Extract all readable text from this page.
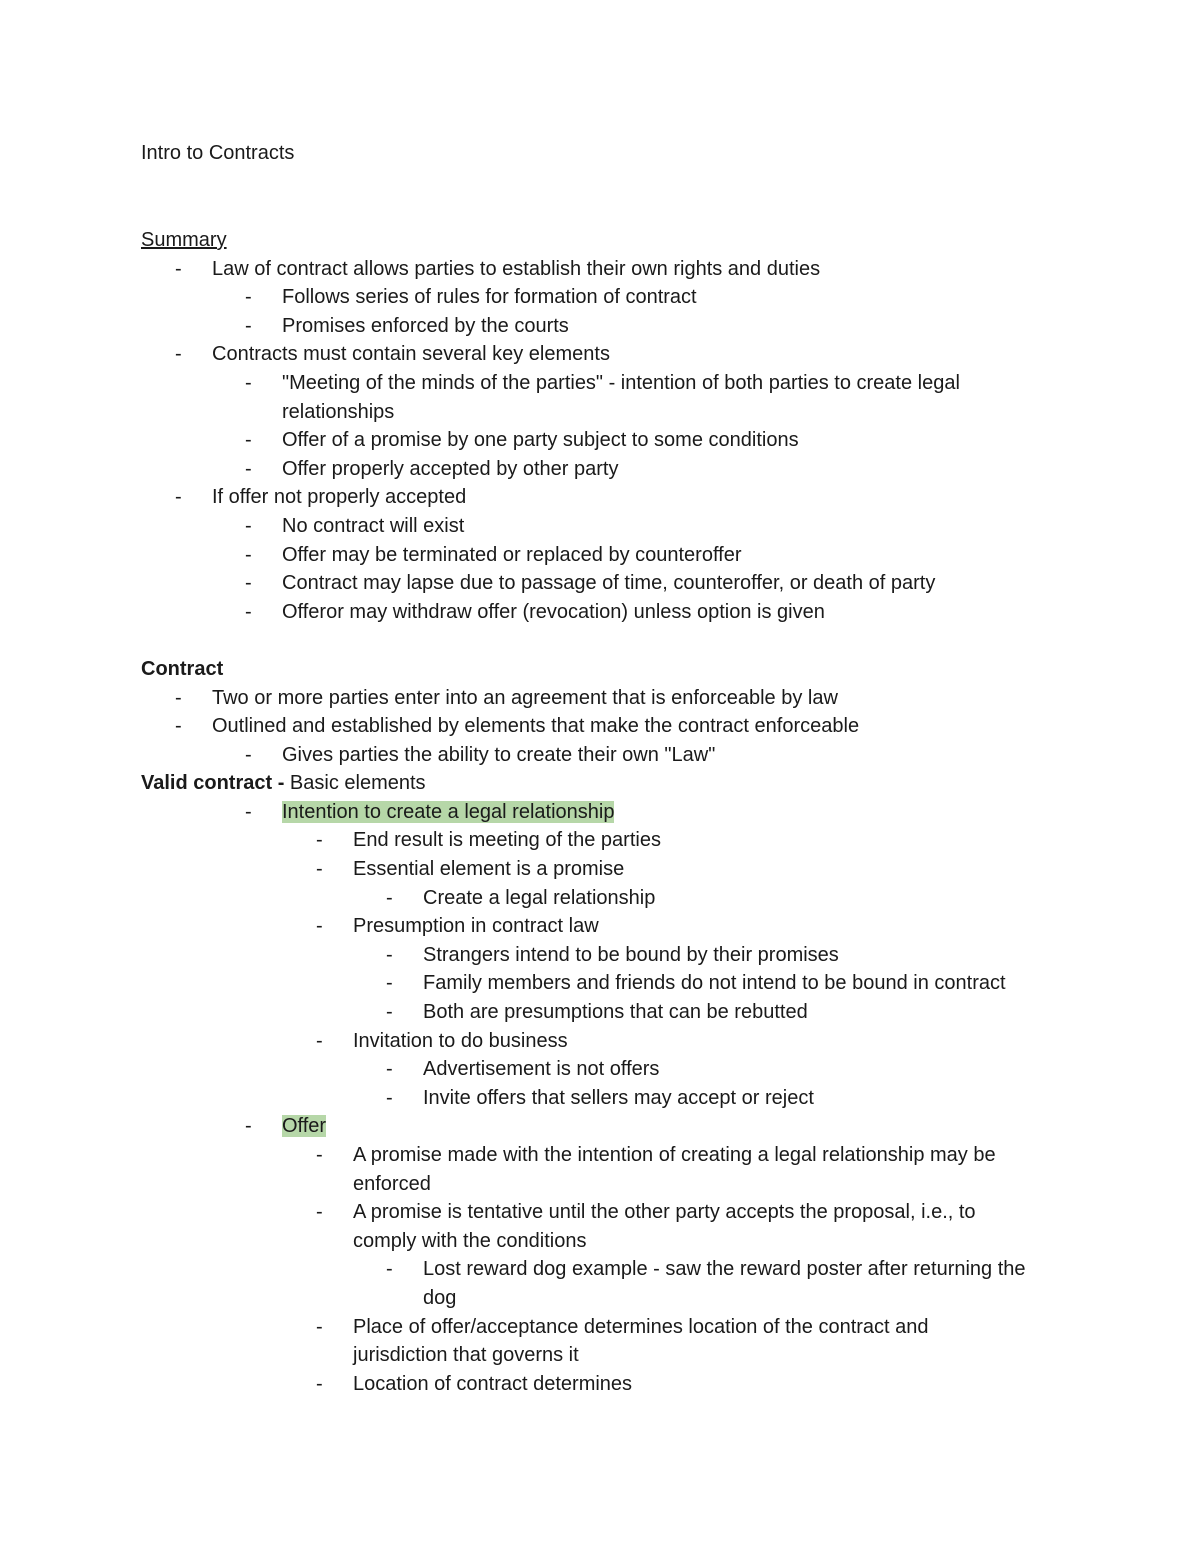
Intro to Contracts
Summary
-	Law of contract allows parties to establish their own rights and duties
-	Follows series of rules for formation of contract
-	Promises enforced by the courts
-	Contracts must contain several key elements
-	"Meeting of the minds of the parties" - intention of both parties to create legal relationships
-	Offer of a promise by one party subject to some conditions
-	Offer properly accepted by other party
-	If offer not properly accepted
-	No contract will exist
-	Offer may be terminated or replaced by counteroffer
-	Contract may lapse due to passage of time, counteroffer, or death of party
-	Offeror may withdraw offer (revocation) unless option is given
Contract
-	Two or more parties enter into an agreement that is enforceable by law
-	Outlined and established by elements that make the contract enforceable
-	Gives parties the ability to create their own "Law"
Valid contract - Basic elements
-	Intention to create a legal relationship
-	End result is meeting of the parties
-	Essential element is a promise
-	Create a legal relationship
-	Presumption in contract law
-	Strangers intend to be bound by their promises
-	Family members and friends do not intend to be bound in contract
-	Both are presumptions that can be rebutted
-	Invitation to do business
-	Advertisement is not offers
-	Invite offers that sellers may accept or reject
-	Offer
-	A promise made with the intention of creating a legal relationship may be enforced
-	A promise is tentative until the other party accepts the proposal, i.e., to comply with the conditions
-	Lost reward dog example - saw the reward poster after returning the dog
-	Place of offer/acceptance determines location of the contract and jurisdiction that governs it
-	Location of contract determines
